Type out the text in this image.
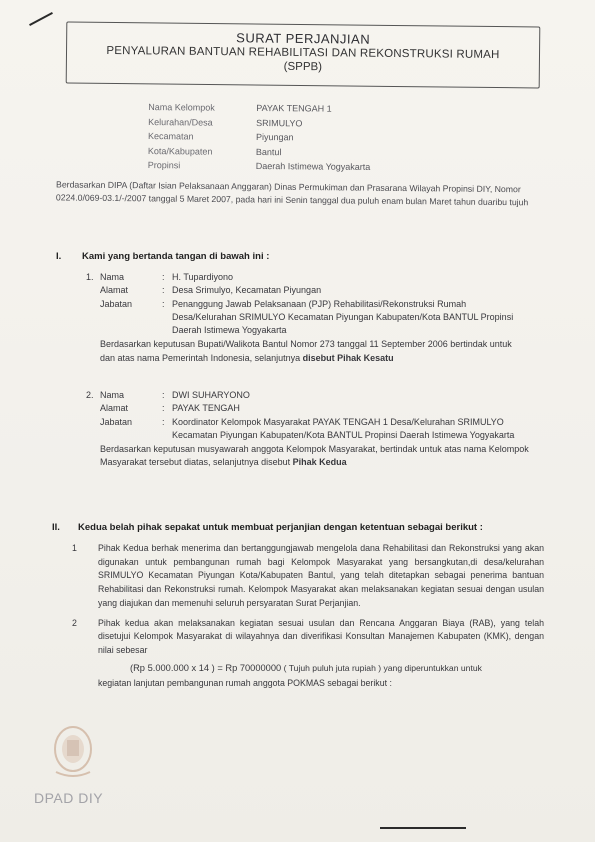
SURAT PERJANJIAN
PENYALURAN BANTUAN REHABILITASI DAN REKONSTRUKSI RUMAH
(SPPB)
Nama Kelompok	PAYAK TENGAH 1
Kelurahan/Desa	SRIMULYO
Kecamatan	Piyungan
Kota/Kabupaten	Bantul
Propinsi	Daerah Istimewa Yogyakarta
Berdasarkan DIPA (Daftar Isian Pelaksanaan Anggaran) Dinas Permukiman dan Prasarana Wilayah Propinsi DIY, Nomor 0224.0/069-03.1/-/2007 tanggal 5 Maret 2007, pada hari ini Senin tanggal dua puluh enam bulan Maret tahun duaribu tujuh
I. Kami yang bertanda tangan di bawah ini :
1. Nama	: H. Tupardiyono
Alamat	: Desa Srimulyo, Kecamatan Piyungan
Jabatan	: Penanggung Jawab Pelaksanaan (PJP) Rehabilitasi/Rekonstruksi Rumah Desa/Kelurahan SRIMULYO Kecamatan Piyungan Kabupaten/Kota BANTUL Propinsi Daerah Istimewa Yogyakarta
Berdasarkan keputusan Bupati/Walikota Bantul Nomor 273 tanggal 11 September 2006 bertindak untuk dan atas nama Pemerintah Indonesia, selanjutnya disebut Pihak Kesatu
2. Nama	: DWI SUHARYONO
Alamat	: PAYAK TENGAH
Jabatan	: Koordinator Kelompok Masyarakat PAYAK TENGAH 1 Desa/Kelurahan SRIMULYO Kecamatan Piyungan Kabupaten/Kota BANTUL Propinsi Daerah Istimewa Yogyakarta
Berdasarkan keputusan musyawarah anggota Kelompok Masyarakat, bertindak untuk atas nama Kelompok Masyarakat tersebut diatas, selanjutnya disebut Pihak Kedua
II. Kedua belah pihak sepakat untuk membuat perjanjian dengan ketentuan sebagai berikut :
1	Pihak Kedua berhak menerima dan bertanggungjawab mengelola dana Rehabilitasi dan Rekonstruksi yang akan digunakan untuk pembangunan rumah bagi Kelompok Masyarakat yang bersangkutan,di desa/kelurahan SRIMULYO Kecamatan Piyungan Kota/Kabupaten Bantul, yang telah ditetapkan sebagai penerima bantuan Rehabilitasi dan Rekonstruksi rumah. Kelompok Masyarakat akan melaksanakan kegiatan sesuai dengan usulan yang diajukan dan memenuhi seluruh persyaratan Surat Perjanjian.
2	Pihak kedua akan melaksanakan kegiatan sesuai usulan dan Rencana Anggaran Biaya (RAB), yang telah disetujui Kelompok Masyarakat di wilayahnya dan diverifikasi Konsultan Manajemen Kabupaten (KMK), dengan nilai sebesar
(Rp 5.000.000 x 14 ) = Rp 70000000 ( Tujuh puluh juta rupiah ) yang diperuntukkan untuk
kegiatan lanjutan pembangunan rumah anggota POKMAS sebagai berikut :
DPAD DIY
